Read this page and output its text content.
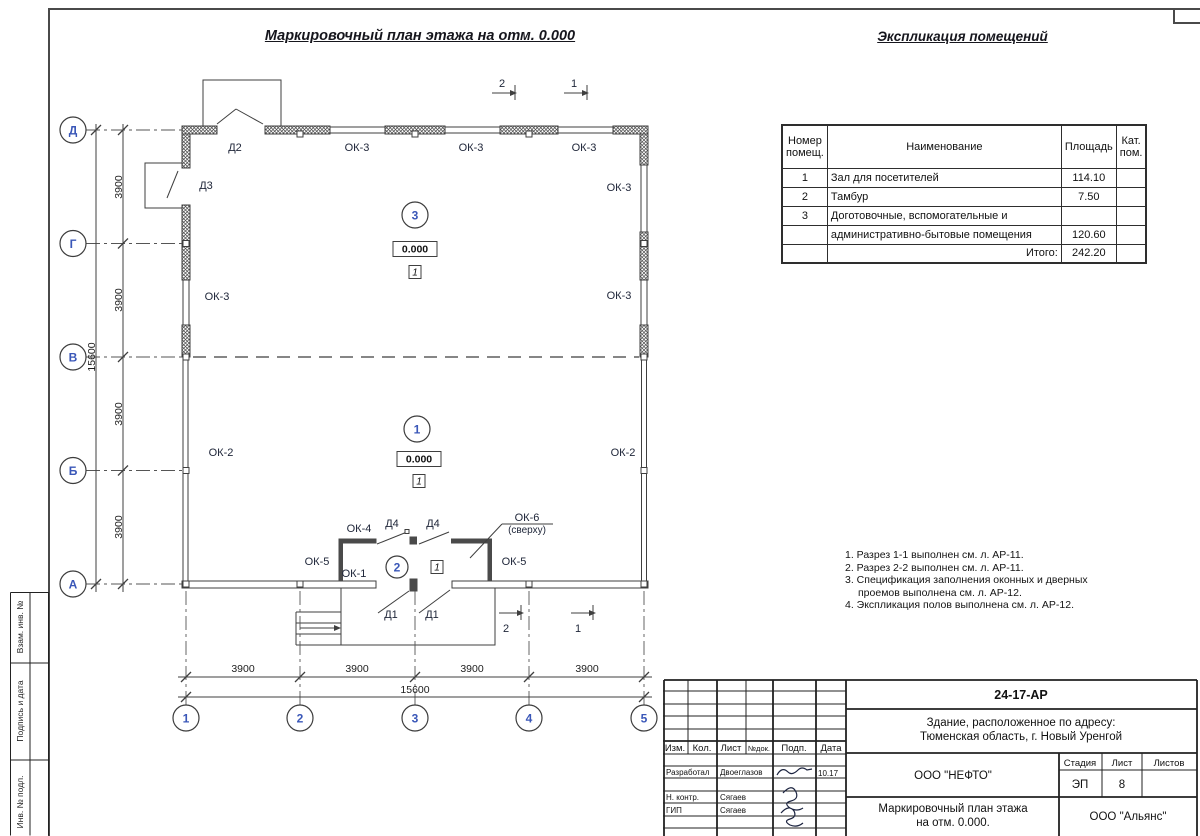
Маркировочный план этажа на отм. 0.000	Экспликация помещений
Номер помещ.	Наименование	Площадь	Кат. пом.
1	Зал для посетителей	114.10	
2	Тамбур	7.50	
3	Доготовочные, вспомогательные и		
	административно-бытовые помещения	120.60	
	Итого:	242.20	
1. Разрез 1-1 выполнен см. л. АР-11.
2. Разрез 2-2 выполнен см. л. АР-11.
3. Спецификация заполнения оконных и дверных
проемов выполнена см. л. АР-12.
4. Экспликация полов выполнена см. л. АР-12.
3900
3900
3900
3900
15600
3900	3900	3900	3900
15600
Д
Г
В
Б
А
1	2	3	4	5
2	1
2	1
3
0.000
1
1
0.000
1
2	1
Д2
Д3
ОК-3	ОК-3	ОК-3
ОК-3
ОК-3
ОК-3
ОК-2	ОК-2
ОК-4 Д4 Д4	ОК-6
(сверху)
ОК-5	ОК-5
ОК-1
Д1 Д1
Взам. инв. №
Подпись и дата
Инв. № подл.
Изм. Кол. Лист №док. Подп. Дата
Разработал Двоеглазов	10.17
Н. контр.	Сягаев
ГИП	Сягаев
24-17-АР
Здание, расположенное по адресу:
Тюменская область, г. Новый Уренгой
ООО "НЕФТО"
Стадия Лист Листов
ЭП	8
Маркировочный план этажа
на отм. 0.000.	ООО "Альянс"
